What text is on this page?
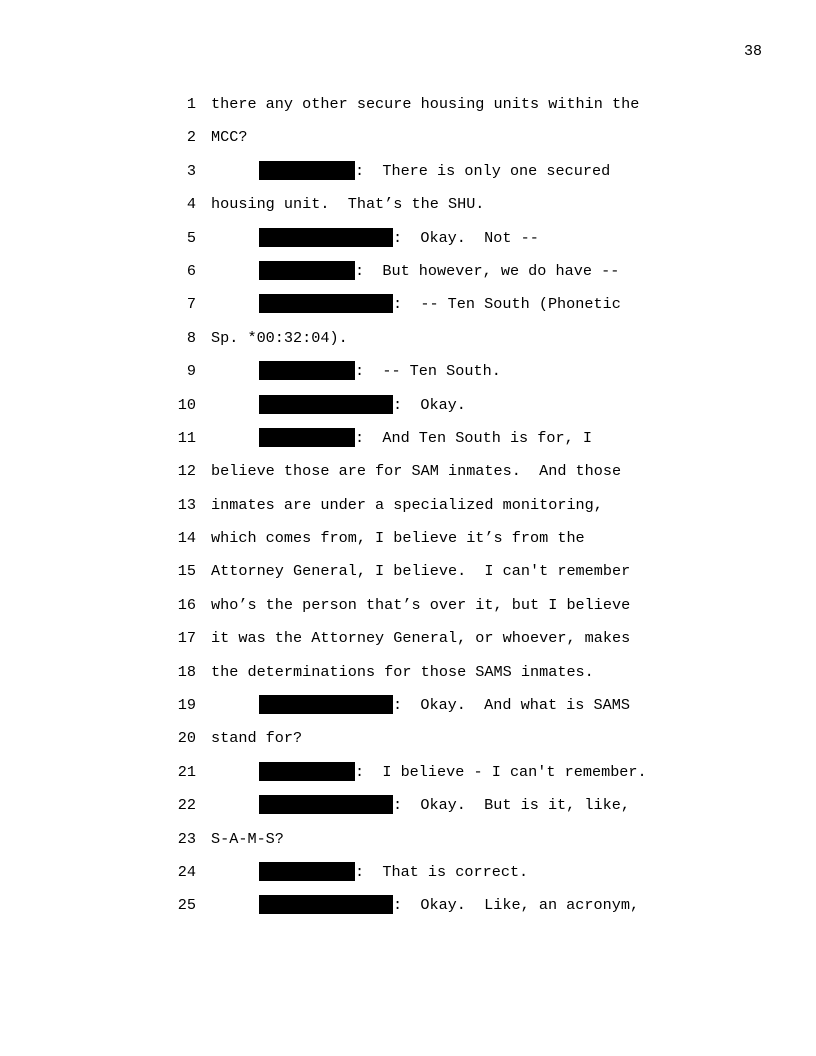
38
1 there any other secure housing units within the
2 MCC?
3	:  There is only one secured
4 housing unit.  That’s the SHU.
5	:  Okay.  Not --
6	:  But however, we do have --
7	:  -- Ten South (Phonetic
8 Sp. *00:32:04).
9	:  -- Ten South.
10	:  Okay.
11	:  And Ten South is for, I
12 believe those are for SAM inmates.  And those
13 inmates are under a specialized monitoring,
14 which comes from, I believe it’s from the
15 Attorney General, I believe.  I can't remember
16 who’s the person that’s over it, but I believe
17 it was the Attorney General, or whoever, makes
18 the determinations for those SAMS inmates.
19	:  Okay.  And what is SAMS
20 stand for?
21	:  I believe - I can't remember.
22	:  Okay.  But is it, like,
23 S-A-M-S?
24	:  That is correct.
25	:  Okay.  Like, an acronym,
